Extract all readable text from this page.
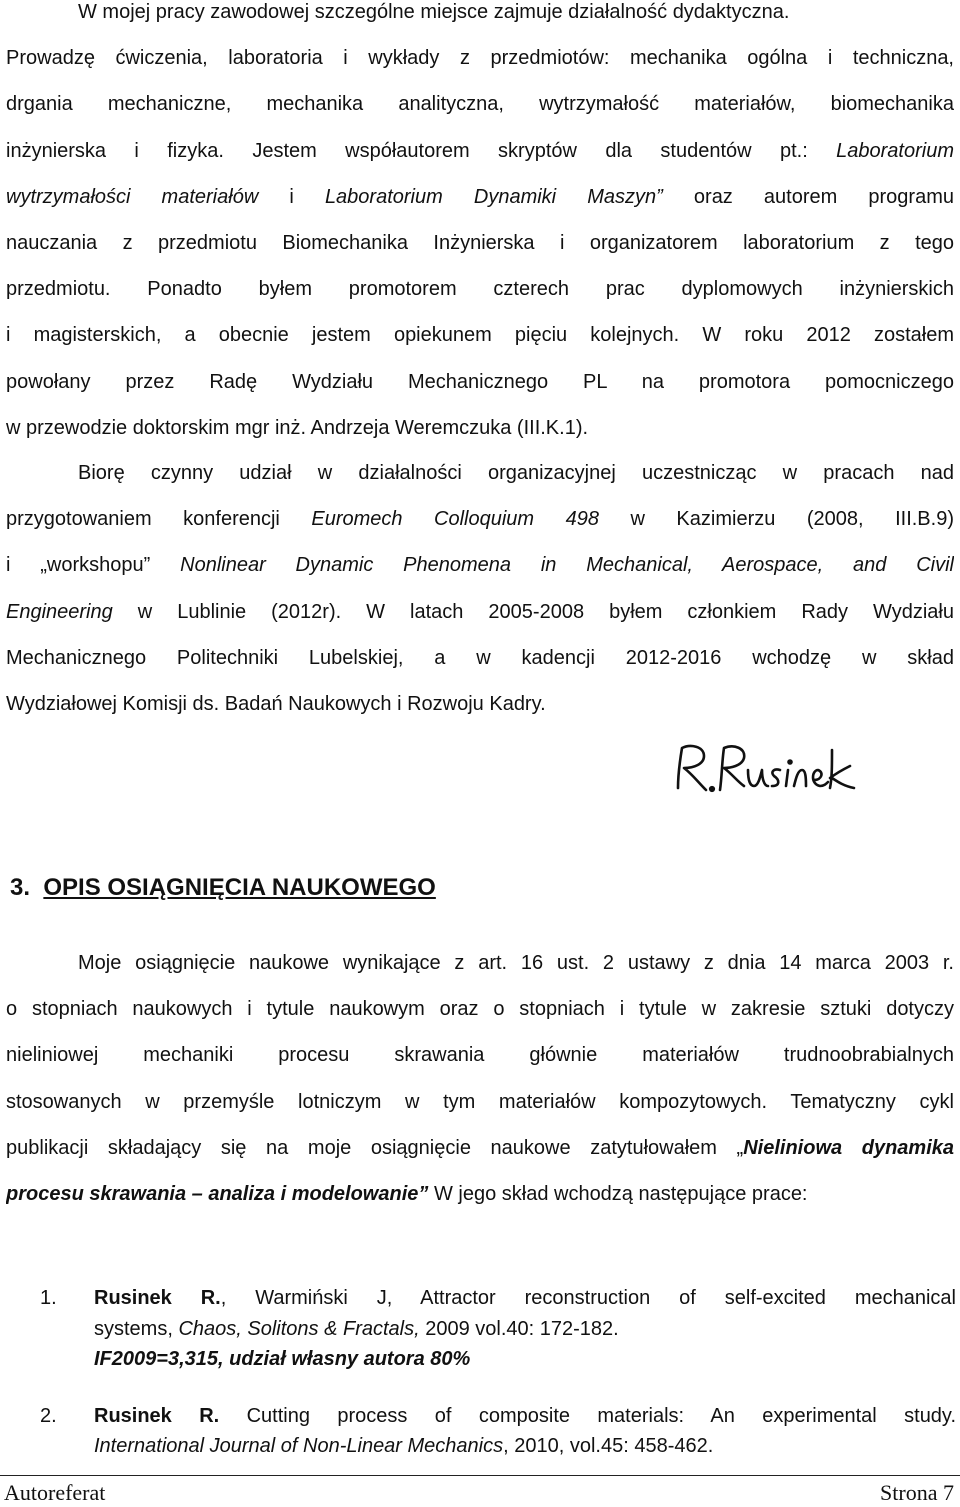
W mojej pracy zawodowej szczególne miejsce zajmuje działalność dydaktyczna.
Prowadzę ćwiczenia, laboratoria i wykłady z przedmiotów: mechanika ogólna i techniczna,
drgania mechaniczne, mechanika analityczna, wytrzymałość materiałów, biomechanika
inżynierska i fizyka. Jestem współautorem skryptów dla studentów pt.: Laboratorium
wytrzymałości materiałów i Laboratorium Dynamiki Maszyn” oraz autorem programu
nauczania z przedmiotu Biomechanika Inżynierska i organizatorem laboratorium z tego
przedmiotu. Ponadto byłem promotorem czterech prac dyplomowych inżynierskich
i magisterskich, a obecnie jestem opiekunem pięciu kolejnych. W roku 2012 zostałem
powołany przez Radę Wydziału Mechanicznego PL na promotora pomocniczego
w przewodzie doktorskim mgr inż. Andrzeja Weremczuka (III.K.1).
Biorę czynny udział w działalności organizacyjnej uczestnicząc w pracach nad
przygotowaniem konferencji Euromech Colloquium 498 w Kazimierzu (2008, III.B.9)
i „workshopu” Nonlinear Dynamic Phenomena in Mechanical, Aerospace, and Civil
Engineering w Lublinie (2012r). W latach 2005-2008 byłem członkiem Rady Wydziału
Mechanicznego Politechniki Lubelskiej, a w kadencji 2012-2016 wchodzę w skład
Wydziałowej Komisji ds. Badań Naukowych i Rozwoju Kadry.
3. OPIS OSIĄGNIĘCIA NAUKOWEGO
Moje osiągnięcie naukowe wynikające z art. 16 ust. 2 ustawy z dnia 14 marca 2003 r.
o stopniach naukowych i tytule naukowym oraz o stopniach i tytule w zakresie sztuki dotyczy
nieliniowej mechaniki procesu skrawania głównie materiałów trudnoobrabialnych
stosowanych w przemyśle lotniczym w tym materiałów kompozytowych. Tematyczny cykl
publikacji składający się na moje osiągnięcie naukowe zatytułowałem „Nieliniowa dynamika
procesu skrawania – analiza i modelowanie” W jego skład wchodzą następujące prace:
1. Rusinek R., Warmiński J, Attractor reconstruction of self-excited mechanical
systems, Chaos, Solitons & Fractals, 2009 vol.40: 172-182.
IF2009=3,315, udział własny autora 80%
2. Rusinek R. Cutting process of composite materials: An experimental study.
International Journal of Non-Linear Mechanics, 2010, vol.45: 458-462.
Autoreferat	Strona 7
